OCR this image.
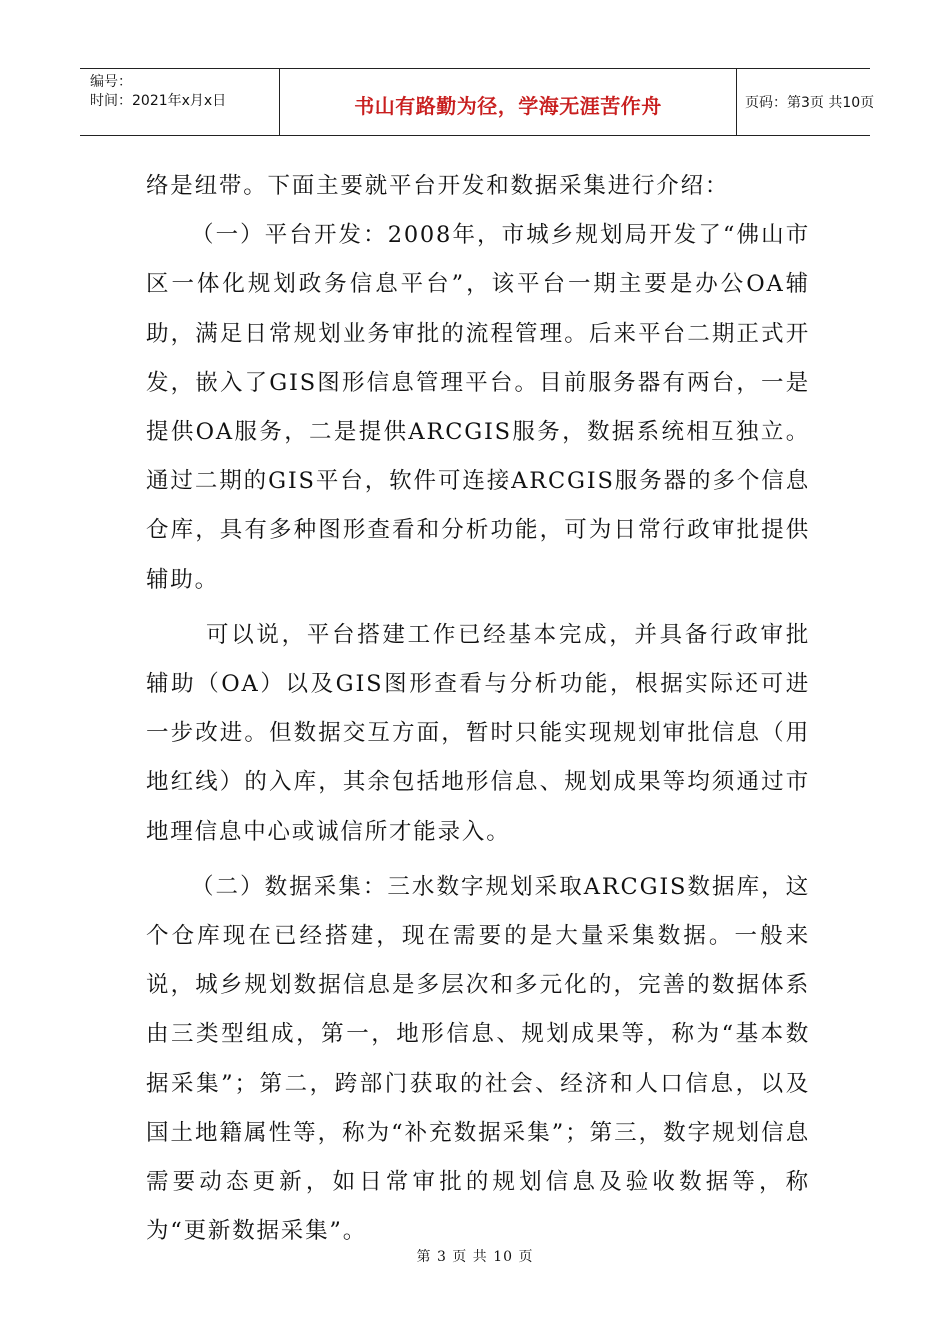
编号：
时间：2021年x月x日	书山有路勤为径，学海无涯苦作舟	页码：第3页 共10页

络是纽带。下面主要就平台开发和数据采集进行介绍：

（一）平台开发：2008年，市城乡规划局开发了“佛山市区一体化规划政务信息平台”，该平台一期主要是办公OA辅助，满足日常规划业务审批的流程管理。后来平台二期正式开发，嵌入了GIS图形信息管理平台。目前服务器有两台，一是提供OA服务，二是提供ARCGIS服务，数据系统相互独立。通过二期的GIS平台，软件可连接ARCGIS服务器的多个信息仓库，具有多种图形查看和分析功能，可为日常行政审批提供辅助。

可以说，平台搭建工作已经基本完成，并具备行政审批辅助（OA）以及GIS图形查看与分析功能，根据实际还可进一步改进。但数据交互方面，暂时只能实现规划审批信息（用地红线）的入库，其余包括地形信息、规划成果等均须通过市地理信息中心或诚信所才能录入。

（二）数据采集：三水数字规划采取ARCGIS数据库，这个仓库现在已经搭建，现在需要的是大量采集数据。一般来说，城乡规划数据信息是多层次和多元化的，完善的数据体系由三类型组成，第一，地形信息、规划成果等，称为“基本数据采集”；第二，跨部门获取的社会、经济和人口信息，以及国土地籍属性等，称为“补充数据采集”；第三，数字规划信息需要动态更新，如日常审批的规划信息及验收数据等，称为“更新数据采集”。

第 3 页 共 10 页
